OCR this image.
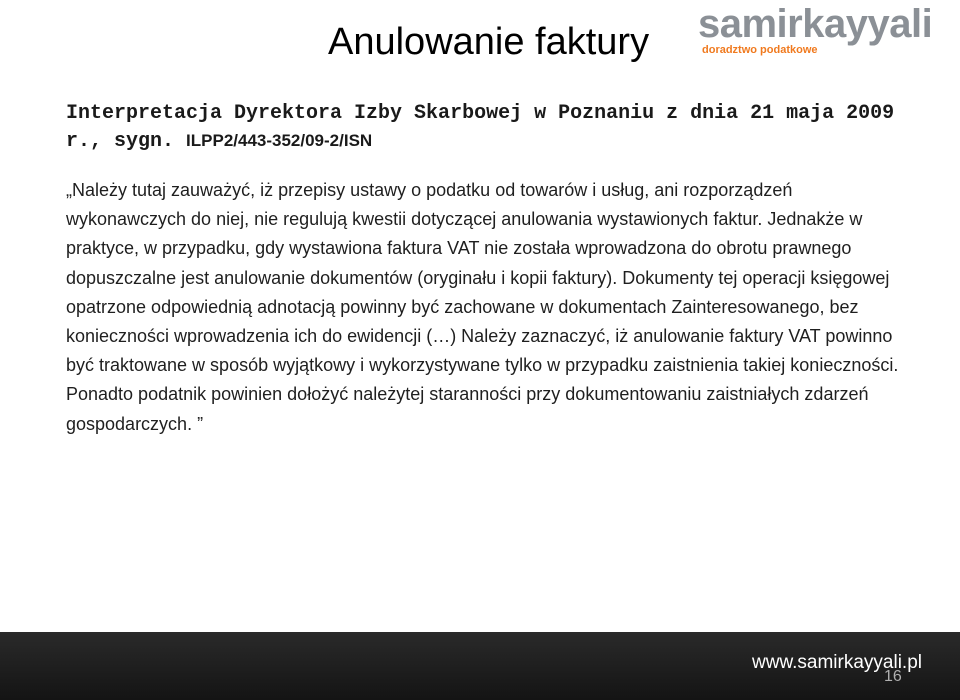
Anulowanie faktury samirkayyali
doradztwo podatkowe
Interpretacja Dyrektora Izby Skarbowej w Poznaniu z dnia 21 maja 2009 r., sygn. ILPP2/443-352/09-2/ISN
„Należy tutaj zauważyć, iż przepisy ustawy o podatku od towarów i usług, ani rozporządzeń wykonawczych do niej, nie regulują kwestii dotyczącej anulowania wystawionych faktur. Jednakże w praktyce, w przypadku, gdy wystawiona faktura VAT nie została wprowadzona do obrotu prawnego dopuszczalne jest anulowanie dokumentów (oryginału i kopii faktury). Dokumenty tej operacji księgowej opatrzone odpowiednią adnotacją powinny być zachowane w dokumentach Zainteresowanego, bez konieczności wprowadzenia ich do ewidencji (…) Należy zaznaczyć, iż anulowanie faktury VAT powinno być traktowane w sposób wyjątkowy i wykorzystywane tylko w przypadku zaistnienia takiej konieczności. Ponadto podatnik powinien dołożyć należytej staranności przy dokumentowaniu zaistniałych zdarzeń gospodarczych. ”
www.samirkayyali.pl
16
